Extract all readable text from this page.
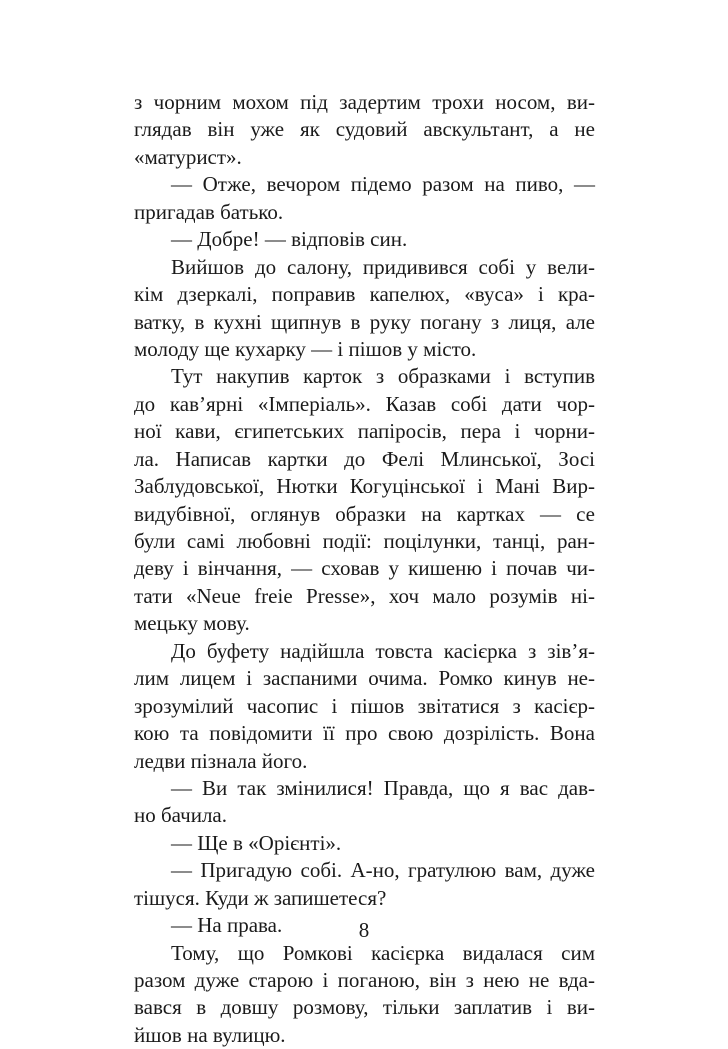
з чорним мохом під задертим трохи носом, ви-
глядав він уже як судовий авскультант, а не
«матурист».
— Отже, вечором підемо разом на пиво, —
пригадав батько.
— Добре! — відповів син.
Вийшов до салону, придивився собі у вели-
кім дзеркалі, поправив капелюх, «вуса» і кра-
ватку, в кухні щипнув в руку погану з лиця, але
молоду ще кухарку — і пішов у місто.
Тут накупив карток з образками і вступив
до кав’ярні «Імперіаль». Казав собі дати чор-
ної кави, єгипетських папіросів, пера і чорни-
ла. Написав картки до Фелі Млинської, Зосі
Заблудовської, Нютки Когуцінської і Мані Вир-
видубівної, оглянув образки на картках — се
були самі любовні події: поцілунки, танці, ран-
деву і вінчання, — сховав у кишеню і почав чи-
тати «Neue freie Presse», хоч мало розумів ні-
мецьку мову.
До буфету надійшла товста касієрка з зів’я-
лим лицем і заспаними очима. Ромко кинув не-
зрозумілий часопис і пішов звітатися з касієр-
кою та повідомити її про свою дозрілість. Вона
ледви пізнала його.
— Ви так змінилися! Правда, що я вас дав-
но бачила.
— Ще в «Орієнті».
— Пригадую собі. А-но, гратулюю вам, дуже
тішуся. Куди ж запишетеся?
— На права.
Тому, що Ромкові касієрка видалася сим
разом дуже старою і поганою, він з нею не вда-
вався в довшу розмову, тільки заплатив і ви-
йшов на вулицю.
8
